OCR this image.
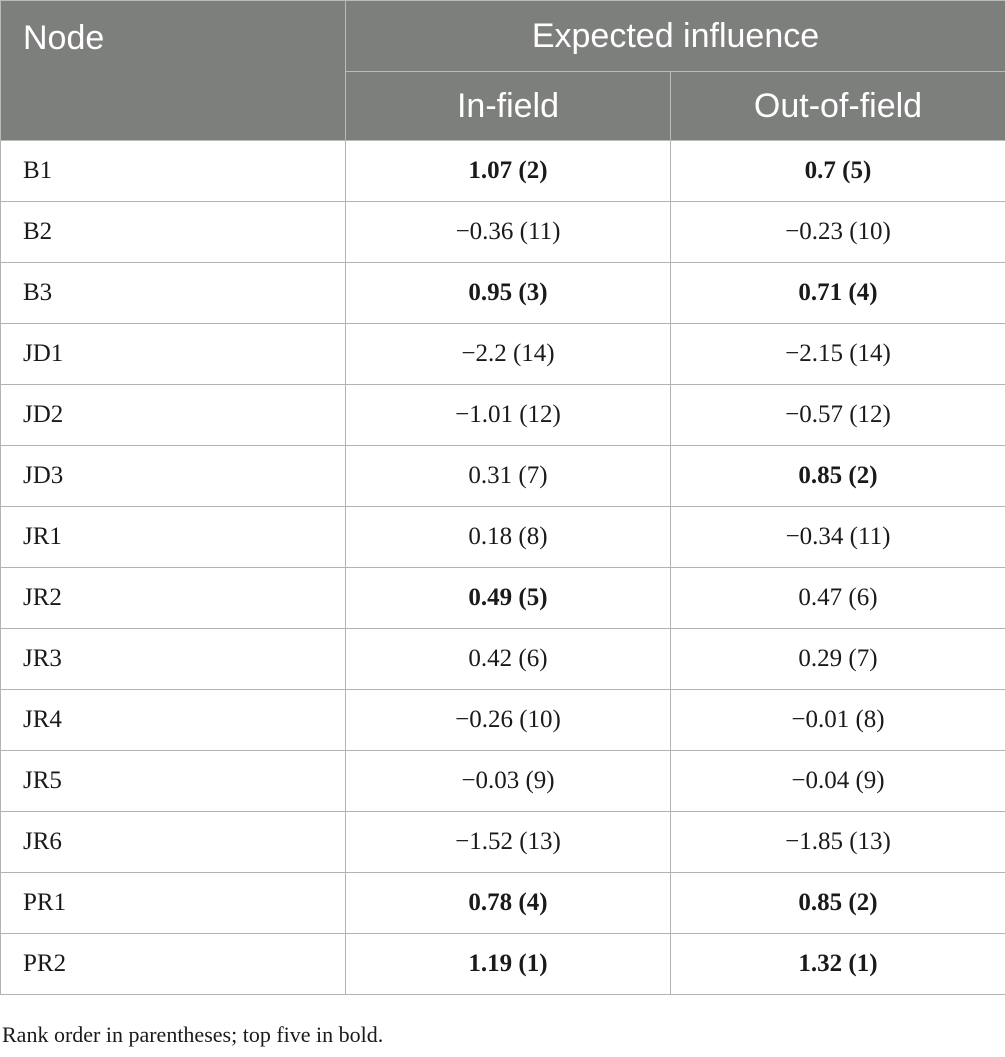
Node	Expected influence	
	In-field	Out-of-field
B1	1.07 (2)	0.7 (5)
B2	−0.36 (11)	−0.23 (10)
B3	0.95 (3)	0.71 (4)
JD1	−2.2 (14)	−2.15 (14)
JD2	−1.01 (12)	−0.57 (12)
JD3	0.31 (7)	0.85 (2)
JR1	0.18 (8)	−0.34 (11)
JR2	0.49 (5)	0.47 (6)
JR3	0.42 (6)	0.29 (7)
JR4	−0.26 (10)	−0.01 (8)
JR5	−0.03 (9)	−0.04 (9)
JR6	−1.52 (13)	−1.85 (13)
PR1	0.78 (4)	0.85 (2)
PR2	1.19 (1)	1.32 (1)
Rank order in parentheses; top five in bold.
